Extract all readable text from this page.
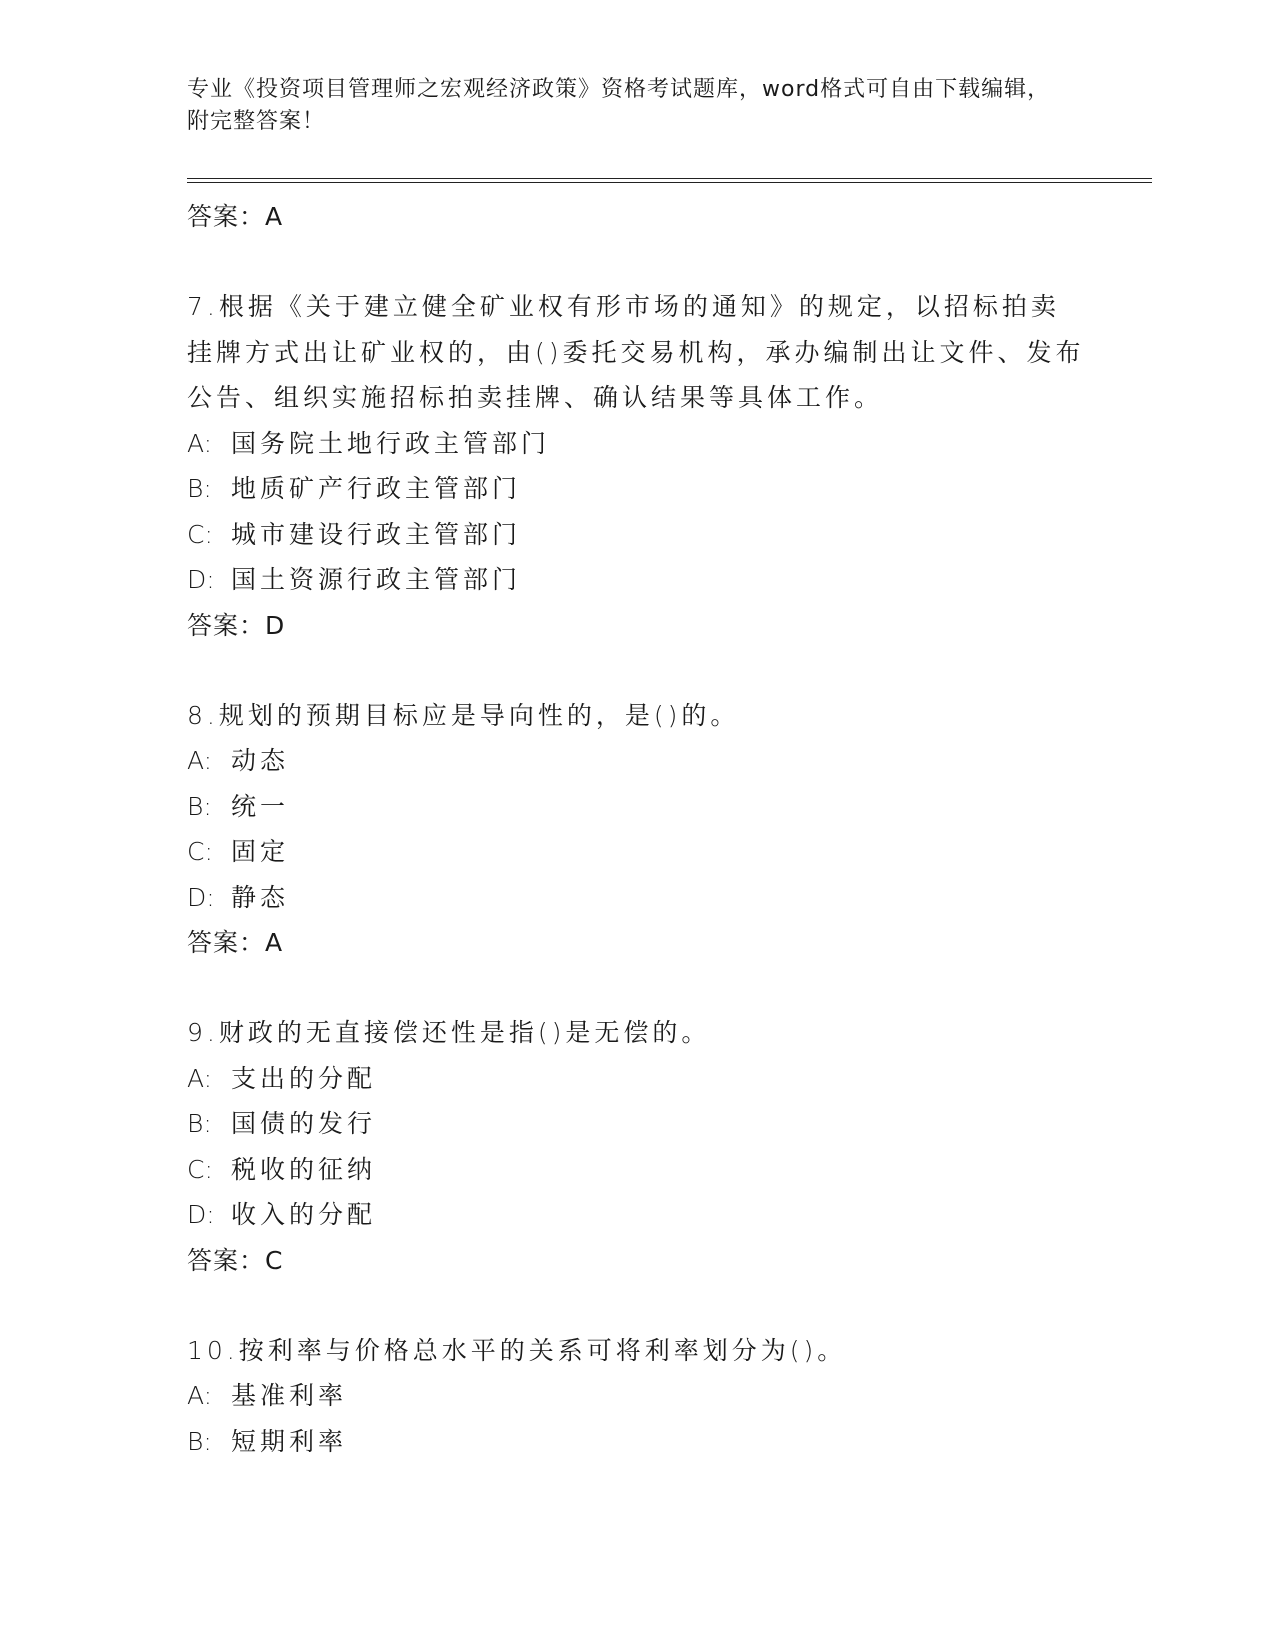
专业《投资项目管理师之宏观经济政策》资格考试题库，word格式可自由下载编辑，附完整答案！
答案：A
7.根据《关于建立健全矿业权有形市场的通知》的规定，以招标拍卖挂牌方式出让矿业权的，由()委托交易机构，承办编制出让文件、发布公告、组织实施招标拍卖挂牌、确认结果等具体工作。
A: 国务院土地行政主管部门
B: 地质矿产行政主管部门
C: 城市建设行政主管部门
D: 国土资源行政主管部门
答案：D
8.规划的预期目标应是导向性的，是()的。
A: 动态
B: 统一
C: 固定
D: 静态
答案：A
9.财政的无直接偿还性是指()是无偿的。
A: 支出的分配
B: 国债的发行
C: 税收的征纳
D: 收入的分配
答案：C
10.按利率与价格总水平的关系可将利率划分为()。
A: 基准利率
B: 短期利率
